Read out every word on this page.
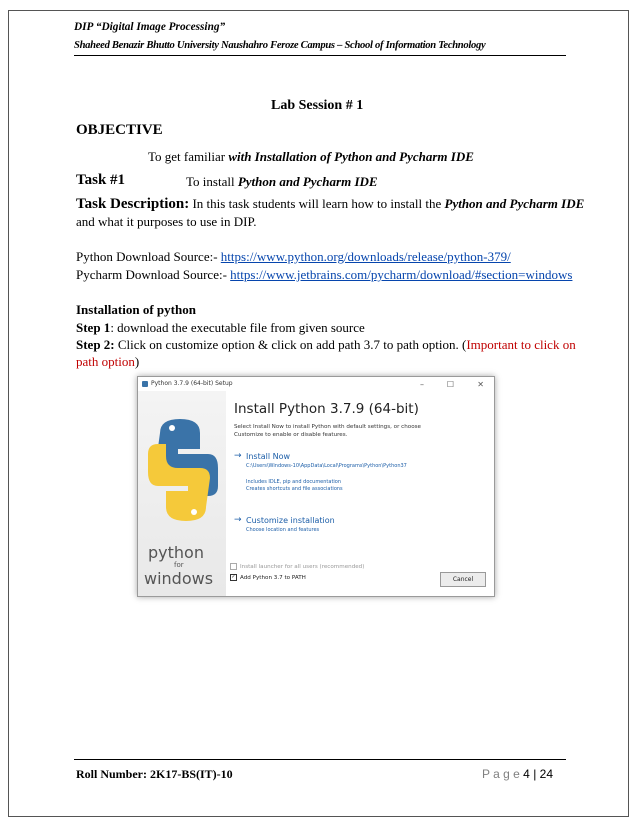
DIP “Digital Image Processing”
Shaheed Benazir Bhutto University Naushahro Feroze Campus – School of Information Technology
Lab Session # 1
OBJECTIVE
To get familiar with Installation of Python and Pycharm IDE
Task #1	To install Python and Pycharm IDE
Task Description: In this task students will learn how to install the Python and Pycharm IDE
and what it purposes to use in DIP.
Python Download Source:- https://www.python.org/downloads/release/python-379/
Pycharm Download Source:- https://www.jetbrains.com/pycharm/download/#section=windows
Installation of python
Step 1: download the executable file from given source
Step 2: Click on customize option & click on add path 3.7 to path option. (Important to click on
path option)
Python 3.7.9 (64-bit) Setup	–	☐	✕
python
for
windows
Install Python 3.7.9 (64-bit)
Select Install Now to install Python with default settings, or choose
Customize to enable or disable features.
→ Install Now
C:\Users\Windows-10\AppData\Local\Programs\Python\Python37
Includes IDLE, pip and documentation
Creates shortcuts and file associations
→ Customize installation
Choose location and features
Install launcher for all users (recommended)
✓ Add Python 3.7 to PATH	Cancel
Roll Number: 2K17-BS(IT)-10	P a g e 4 | 24
